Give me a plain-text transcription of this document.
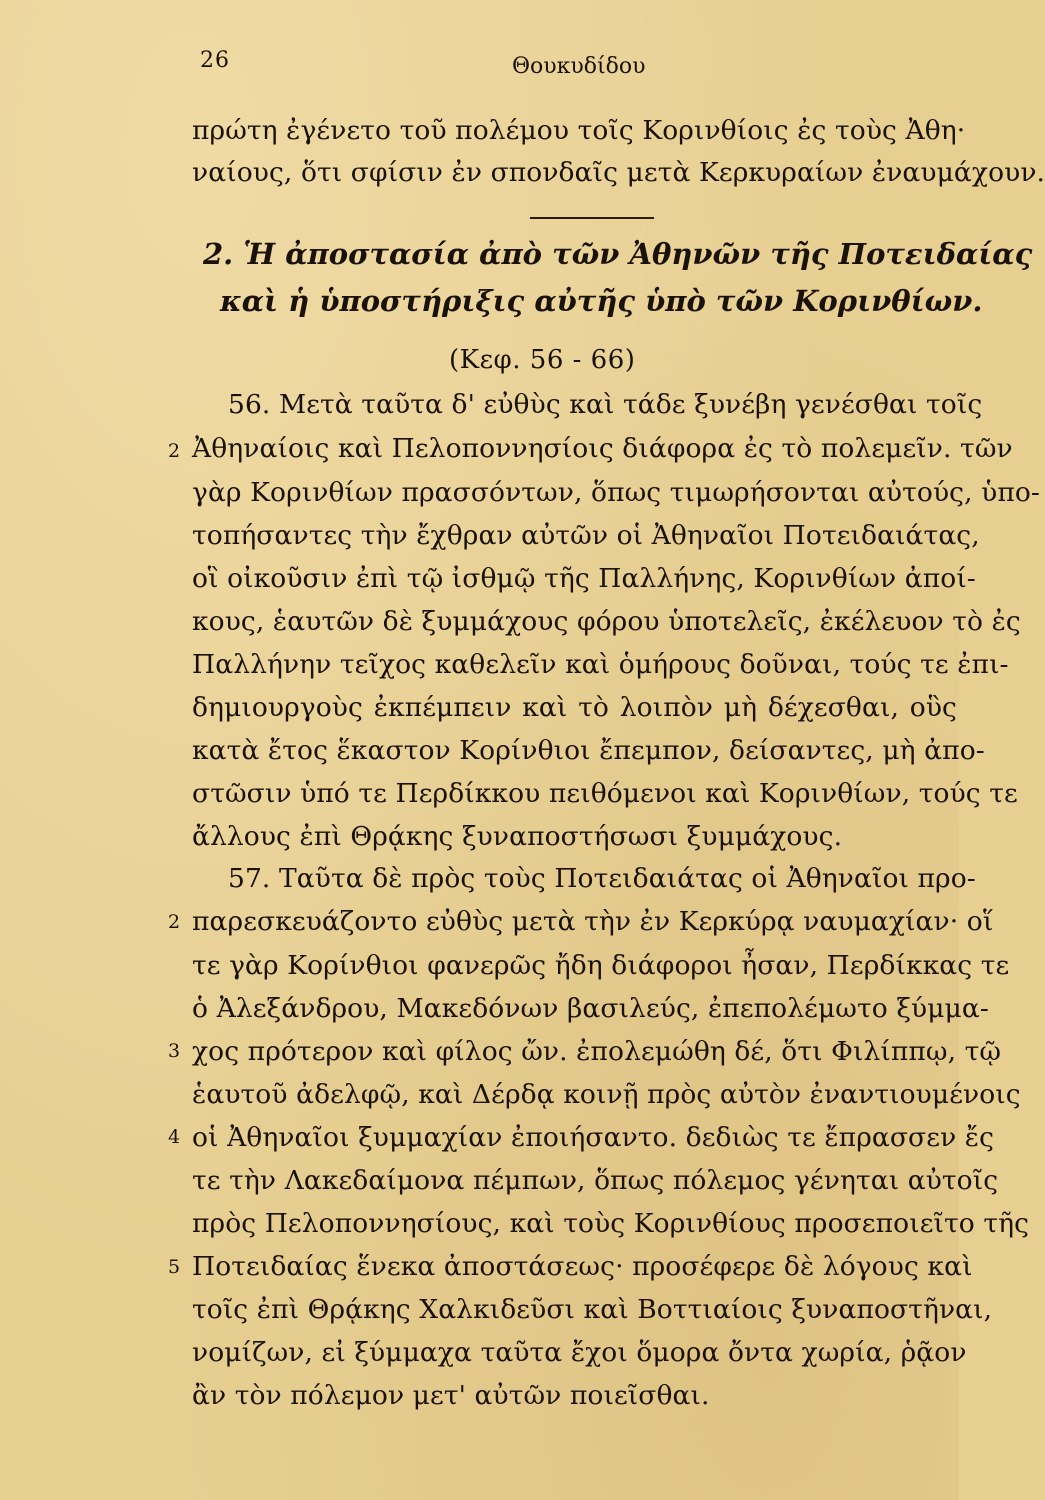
26	Θουκυδίδου
πρώτη ἐγένετο τοῦ πολέμου τοῖς Κορινθίοις ἐς τοὺς Ἀθη·
ναίους, ὅτι σφίσιν ἐν σπονδαῖς μετὰ Κερκυραίων ἐναυμάχουν.
2. Ἡ ἀποστασία ἀπὸ τῶν Ἀθηνῶν τῆς Ποτειδαίας
καὶ ἡ ὑποστήριξις αὐτῆς ὑπὸ τῶν Κορινθίων.
(Κεφ. 56 - 66)
56. Μετὰ ταῦτα δ' εὐθὺς καὶ τάδε ξυνέβη γενέσθαι τοῖς
Ἀθηναίοις καὶ Πελοποννησίοις διάφορα ἐς τὸ πολεμεῖν. τῶν
γὰρ Κορινθίων πρασσόντων, ὅπως τιμωρήσονται αὐτούς, ὑπο-
τοπήσαντες τὴν ἔχθραν αὐτῶν οἱ Ἀθηναῖοι Ποτειδαιάτας,
οἳ οἰκοῦσιν ἐπὶ τῷ ἰσθμῷ τῆς Παλλήνης, Κορινθίων ἀποί-
κους, ἑαυτῶν δὲ ξυμμάχους φόρου ὑποτελεῖς, ἐκέλευον τὸ ἐς
Παλλήνην τεῖχος καθελεῖν καὶ ὁμήρους δοῦναι, τούς τε ἐπι-
δημιουργοὺς ἐκπέμπειν καὶ τὸ λοιπὸν μὴ δέχεσθαι, οὓς
κατὰ ἔτος ἕκαστον Κορίνθιοι ἔπεμπον, δείσαντες, μὴ ἀπο-
στῶσιν ὑπό τε Περδίκκου πειθόμενοι καὶ Κορινθίων, τούς τε
ἄλλους ἐπὶ Θρᾴκης ξυναποστήσωσι ξυμμάχους.
57. Ταῦτα δὲ πρὸς τοὺς Ποτειδαιάτας οἱ Ἀθηναῖοι προ-
παρεσκευάζοντο εὐθὺς μετὰ τὴν ἐν Κερκύρᾳ ναυμαχίαν· οἵ
τε γὰρ Κορίνθιοι φανερῶς ἤδη διάφοροι ἦσαν, Περδίκκας τε
ὁ Ἀλεξάνδρου, Μακεδόνων βασιλεύς, ἐπεπολέμωτο ξύμμα-
χος πρότερον καὶ φίλος ὤν. ἐπολεμώθη δέ, ὅτι Φιλίππῳ, τῷ
ἑαυτοῦ ἀδελφῷ, καὶ Δέρδᾳ κοινῇ πρὸς αὐτὸν ἐναντιουμένοις
οἱ Ἀθηναῖοι ξυμμαχίαν ἐποιήσαντο. δεδιὼς τε ἔπρασσεν ἔς
τε τὴν Λακεδαίμονα πέμπων, ὅπως πόλεμος γένηται αὐτοῖς
πρὸς Πελοποννησίους, καὶ τοὺς Κορινθίους προσεποιεῖτο τῆς
Ποτειδαίας ἕνεκα ἀποστάσεως· προσέφερε δὲ λόγους καὶ
τοῖς ἐπὶ Θρᾴκης Χαλκιδεῦσι καὶ Βοττιαίοις ξυναποστῆναι,
νομίζων, εἰ ξύμμαχα ταῦτα ἔχοι ὅμορα ὄντα χωρία, ῥᾷον
ἂν τὸν πόλεμον μετ' αὐτῶν ποιεῖσθαι.
2
2
3
4
5
